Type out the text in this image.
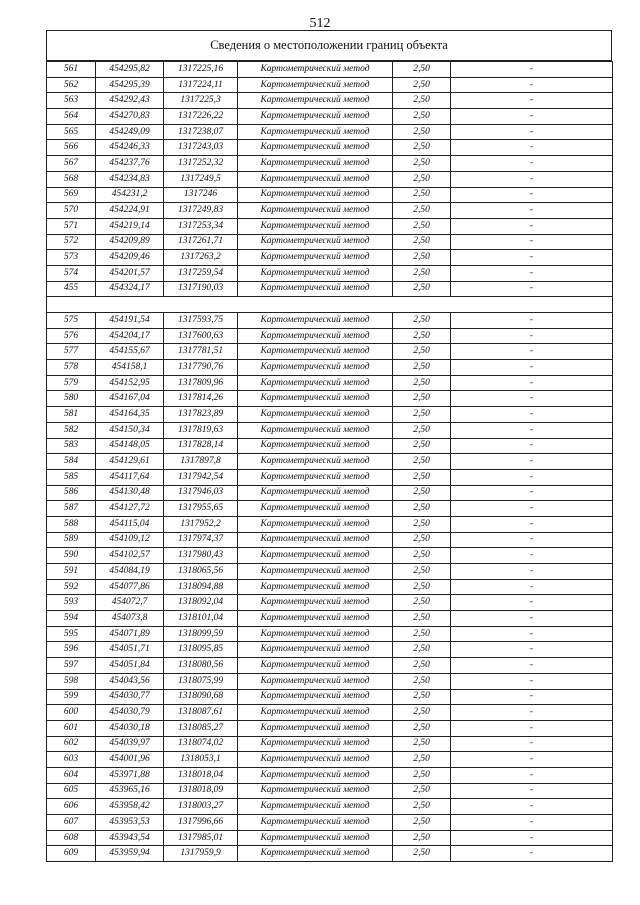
512
Сведения о местоположении границ объекта
561	454295,82	1317225,16	Картометрический метод	2,50	-
562	454295,39	1317224,11	Картометрический метод	2,50	-
563	454292,43	1317225,3	Картометрический метод	2,50	-
564	454270,83	1317226,22	Картометрический метод	2,50	-
565	454249,09	1317238,07	Картометрический метод	2,50	-
566	454246,33	1317243,03	Картометрический метод	2,50	-
567	454237,76	1317252,32	Картометрический метод	2,50	-
568	454234,83	1317249,5	Картометрический метод	2,50	-
569	454231,2	1317246	Картометрический метод	2,50	-
570	454224,91	1317249,83	Картометрический метод	2,50	-
571	454219,14	1317253,34	Картометрический метод	2,50	-
572	454209,89	1317261,71	Картометрический метод	2,50	-
573	454209,46	1317263,2	Картометрический метод	2,50	-
574	454201,57	1317259,54	Картометрический метод	2,50	-
455	454324,17	1317190,03	Картометрический метод	2,50	-

575	454191,54	1317593,75	Картометрический метод	2,50	-
576	454204,17	1317600,63	Картометрический метод	2,50	-
577	454155,67	1317781,51	Картометрический метод	2,50	-
578	454158,1	1317790,76	Картометрический метод	2,50	-
579	454152,95	1317809,96	Картометрический метод	2,50	-
580	454167,04	1317814,26	Картометрический метод	2,50	-
581	454164,35	1317823,89	Картометрический метод	2,50	-
582	454150,34	1317819,63	Картометрический метод	2,50	-
583	454148,05	1317828,14	Картометрический метод	2,50	-
584	454129,61	1317897,8	Картометрический метод	2,50	-
585	454117,64	1317942,54	Картометрический метод	2,50	-
586	454130,48	1317946,03	Картометрический метод	2,50	-
587	454127,72	1317955,65	Картометрический метод	2,50	-
588	454115,04	1317952,2	Картометрический метод	2,50	-
589	454109,12	1317974,37	Картометрический метод	2,50	-
590	454102,57	1317980,43	Картометрический метод	2,50	-
591	454084,19	1318065,56	Картометрический метод	2,50	-
592	454077,86	1318094,88	Картометрический метод	2,50	-
593	454072,7	1318092,04	Картометрический метод	2,50	-
594	454073,8	1318101,04	Картометрический метод	2,50	-
595	454071,89	1318099,59	Картометрический метод	2,50	-
596	454051,71	1318095,85	Картометрический метод	2,50	-
597	454051,84	1318080,56	Картометрический метод	2,50	-
598	454043,56	1318075,99	Картометрический метод	2,50	-
599	454030,77	1318090,68	Картометрический метод	2,50	-
600	454030,79	1318087,61	Картометрический метод	2,50	-
601	454030,18	1318085,27	Картометрический метод	2,50	-
602	454039,97	1318074,02	Картометрический метод	2,50	-
603	454001,96	1318053,1	Картометрический метод	2,50	-
604	453971,88	1318018,04	Картометрический метод	2,50	-
605	453965,16	1318018,09	Картометрический метод	2,50	-
606	453958,42	1318003,27	Картометрический метод	2,50	-
607	453953,53	1317996,66	Картометрический метод	2,50	-
608	453943,54	1317985,01	Картометрический метод	2,50	-
609	453959,94	1317959,9	Картометрический метод	2,50	-
